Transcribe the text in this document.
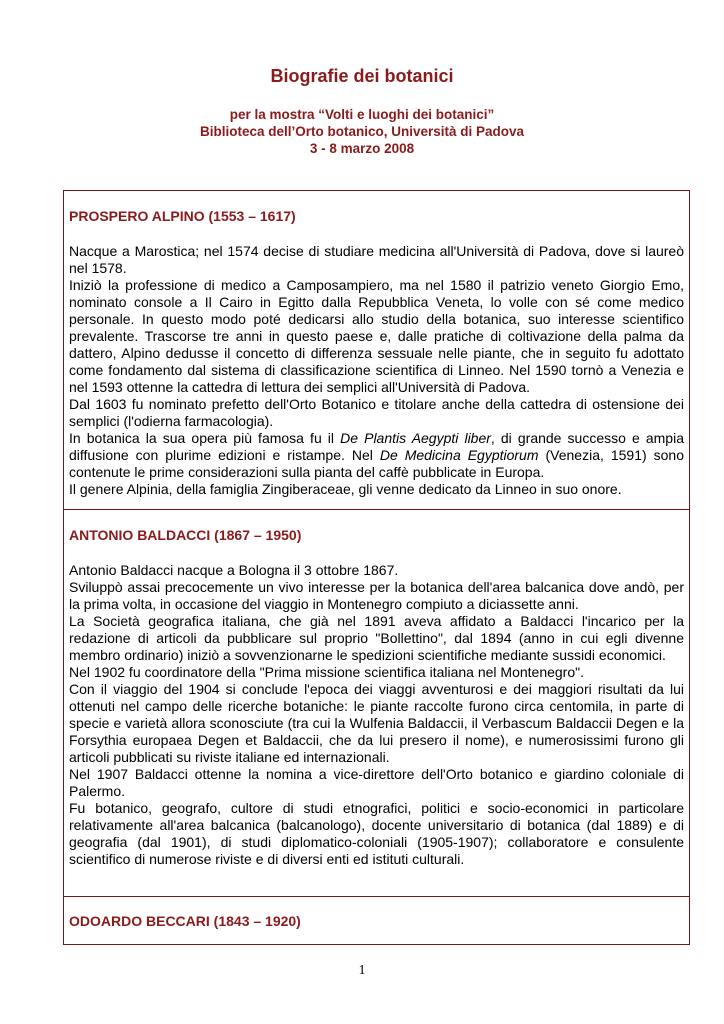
Biografie dei botanici
per la mostra “Volti e luoghi dei botanici”
Biblioteca dell’Orto botanico, Università di Padova
3 - 8 marzo 2008
PROSPERO ALPINO (1553 – 1617)

Nacque a Marostica; nel 1574 decise di studiare medicina all'Università di Padova, dove si laureò nel 1578.

Iniziò la professione di medico a Camposampiero, ma nel 1580 il patrizio veneto Giorgio Emo, nominato console a Il Cairo in Egitto dalla Repubblica Veneta, lo volle con sé come medico personale. In questo modo poté dedicarsi allo studio della botanica, suo interesse scientifico prevalente. Trascorse tre anni in questo paese e, dalle pratiche di coltivazione della palma da dattero, Alpino dedusse il concetto di differenza sessuale nelle piante, che in seguito fu adottato come fondamento dal sistema di classificazione scientifica di Linneo. Nel 1590 tornò a Venezia e nel 1593 ottenne la cattedra di lettura dei semplici all'Università di Padova.

Dal 1603 fu nominato prefetto dell'Orto Botanico e titolare anche della cattedra di ostensione dei semplici (l'odierna farmacologia).

In botanica la sua opera più famosa fu il De Plantis Aegypti liber, di grande successo e ampia diffusione con plurime edizioni e ristampe. Nel De Medicina Egyptiorum (Venezia, 1591) sono contenute le prime considerazioni sulla pianta del caffè pubblicate in Europa.

Il genere Alpinia, della famiglia Zingiberaceae, gli venne dedicato da Linneo in suo onore.

ANTONIO BALDACCI (1867 – 1950)

Antonio Baldacci nacque a Bologna il 3 ottobre 1867.

Sviluppò assai precocemente un vivo interesse per la botanica dell'area balcanica dove andò, per la prima volta, in occasione del viaggio in Montenegro compiuto a diciassette anni.

La Società geografica italiana, che già nel 1891 aveva affidato a Baldacci l'incarico per la redazione di articoli da pubblicare sul proprio "Bollettino", dal 1894 (anno in cui egli divenne membro ordinario) iniziò a sovvenzionarne le spedizioni scientifiche mediante sussidi economici.

Nel 1902 fu coordinatore della "Prima missione scientifica italiana nel Montenegro".

Con il viaggio del 1904 si conclude l'epoca dei viaggi avventurosi e dei maggiori risultati da lui ottenuti nel campo delle ricerche botaniche: le piante raccolte furono circa centomila, in parte di specie e varietà allora sconosciute (tra cui la Wulfenia Baldaccii, il Verbascum Baldaccii Degen e la Forsythia europaea Degen et Baldaccii, che da lui presero il nome), e numerosissimi furono gli articoli pubblicati su riviste italiane ed internazionali.

Nel 1907 Baldacci ottenne la nomina a vice-direttore dell'Orto botanico e giardino coloniale di Palermo.

Fu botanico, geografo, cultore di studi etnografici, politici e socio-economici in particolare relativamente all'area balcanica (balcanologo), docente universitario di botanica (dal 1889) e di geografia (dal 1901), di studi diplomatico-coloniali (1905-1907); collaboratore e consulente scientifico di numerose riviste e di diversi enti ed istituti culturali.

ODOARDO BECCARI (1843 – 1920)
1
